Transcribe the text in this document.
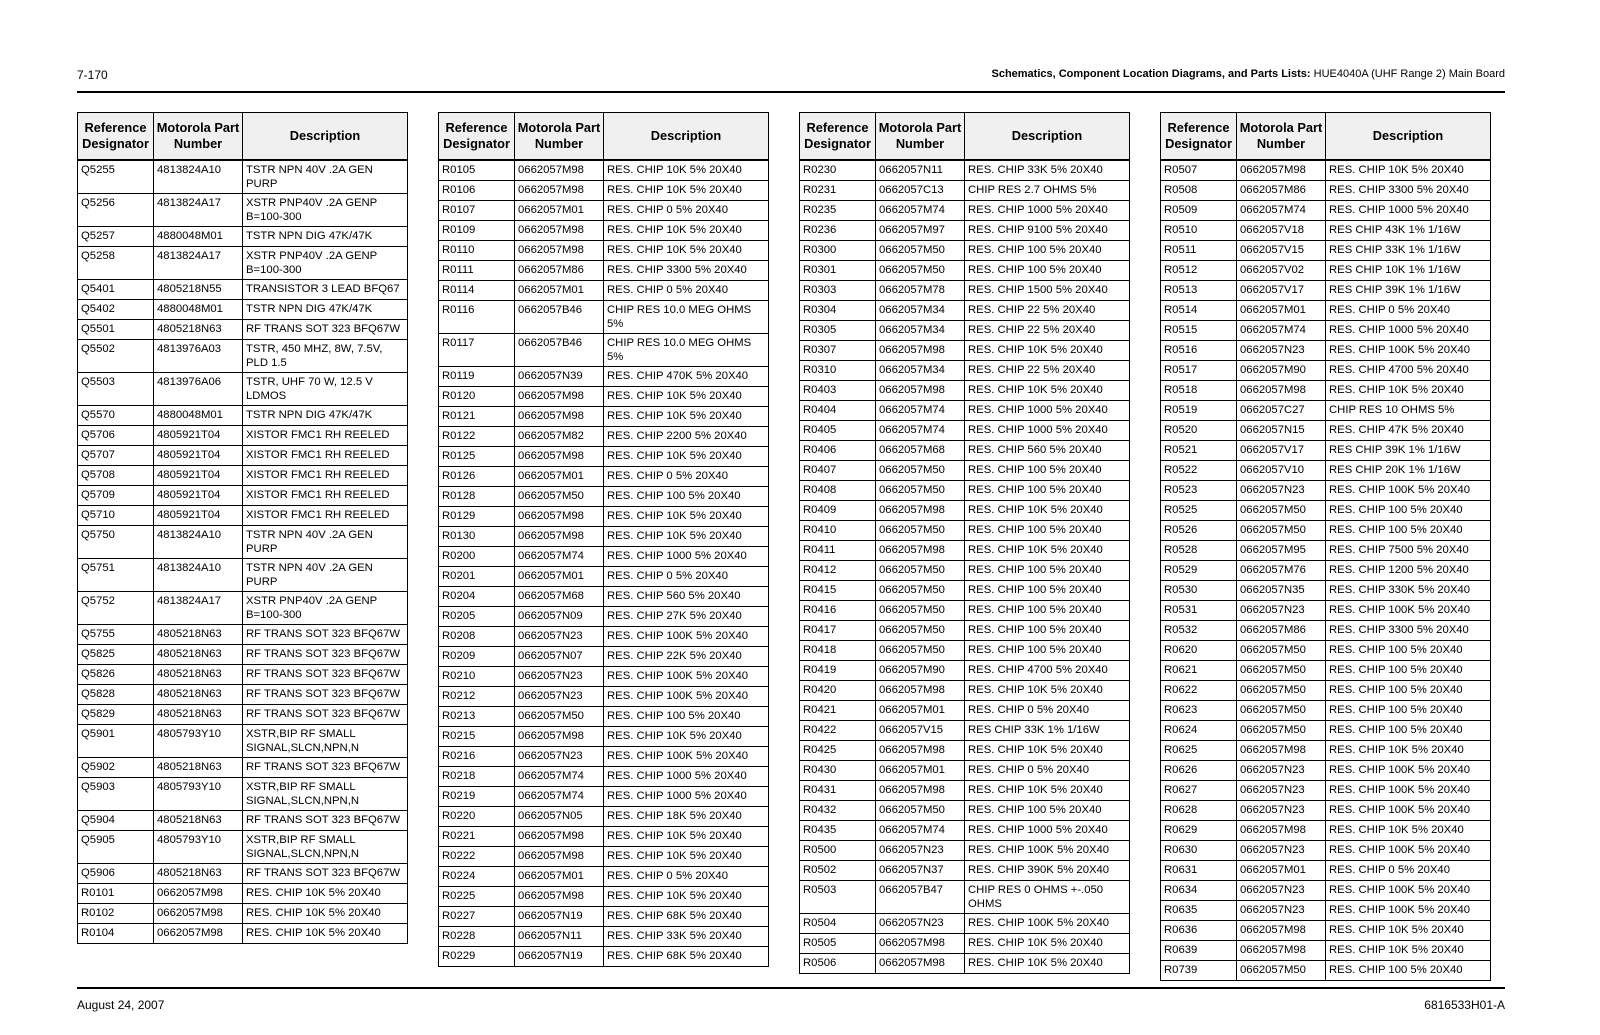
7-170	Schematics, Component Location Diagrams, and Parts Lists: HUE4040A (UHF Range 2) Main Board
Reference Designator	Motorola Part Number	Description
Q5255	4813824A10	TSTR NPN 40V .2A GEN PURP
Q5256	4813824A17	XSTR PNP40V .2A GENP B=100-300
Q5257	4880048M01	TSTR NPN DIG 47K/47K
Q5258	4813824A17	XSTR PNP40V .2A GENP B=100-300
Q5401	4805218N55	TRANSISTOR 3 LEAD BFQ67
Q5402	4880048M01	TSTR NPN DIG 47K/47K
Q5501	4805218N63	RF TRANS SOT 323 BFQ67W
Q5502	4813976A03	TSTR, 450 MHZ, 8W, 7.5V, PLD 1.5
Q5503	4813976A06	TSTR, UHF 70 W, 12.5 V LDMOS
Q5570	4880048M01	TSTR NPN DIG 47K/47K
Q5706	4805921T04	XISTOR FMC1 RH REELED
Q5707	4805921T04	XISTOR FMC1 RH REELED
Q5708	4805921T04	XISTOR FMC1 RH REELED
Q5709	4805921T04	XISTOR FMC1 RH REELED
Q5710	4805921T04	XISTOR FMC1 RH REELED
Q5750	4813824A10	TSTR NPN 40V .2A GEN PURP
Q5751	4813824A10	TSTR NPN 40V .2A GEN PURP
Q5752	4813824A17	XSTR PNP40V .2A GENP B=100-300
Q5755	4805218N63	RF TRANS SOT 323 BFQ67W
Q5825	4805218N63	RF TRANS SOT 323 BFQ67W
Q5826	4805218N63	RF TRANS SOT 323 BFQ67W
Q5828	4805218N63	RF TRANS SOT 323 BFQ67W
Q5829	4805218N63	RF TRANS SOT 323 BFQ67W
Q5901	4805793Y10	XSTR,BIP RF SMALL SIGNAL,SLCN,NPN,N
Q5902	4805218N63	RF TRANS SOT 323 BFQ67W
Q5903	4805793Y10	XSTR,BIP RF SMALL SIGNAL,SLCN,NPN,N
Q5904	4805218N63	RF TRANS SOT 323 BFQ67W
Q5905	4805793Y10	XSTR,BIP RF SMALL SIGNAL,SLCN,NPN,N
Q5906	4805218N63	RF TRANS SOT 323 BFQ67W
R0101	0662057M98	RES. CHIP 10K 5% 20X40
R0102	0662057M98	RES. CHIP 10K 5% 20X40
R0104	0662057M98	RES. CHIP 10K 5% 20X40
Reference Designator	Motorola Part Number	Description
R0105	0662057M98	RES. CHIP 10K 5% 20X40
R0106	0662057M98	RES. CHIP 10K 5% 20X40
R0107	0662057M01	RES. CHIP 0 5% 20X40
R0109	0662057M98	RES. CHIP 10K 5% 20X40
R0110	0662057M98	RES. CHIP 10K 5% 20X40
R0111	0662057M86	RES. CHIP 3300 5% 20X40
R0114	0662057M01	RES. CHIP 0 5% 20X40
R0116	0662057B46	CHIP RES 10.0 MEG OHMS 5%
R0117	0662057B46	CHIP RES 10.0 MEG OHMS 5%
R0119	0662057N39	RES. CHIP 470K 5% 20X40
R0120	0662057M98	RES. CHIP 10K 5% 20X40
R0121	0662057M98	RES. CHIP 10K 5% 20X40
R0122	0662057M82	RES. CHIP 2200 5% 20X40
R0125	0662057M98	RES. CHIP 10K 5% 20X40
R0126	0662057M01	RES. CHIP 0 5% 20X40
R0128	0662057M50	RES. CHIP 100 5% 20X40
R0129	0662057M98	RES. CHIP 10K 5% 20X40
R0130	0662057M98	RES. CHIP 10K 5% 20X40
R0200	0662057M74	RES. CHIP 1000 5% 20X40
R0201	0662057M01	RES. CHIP 0 5% 20X40
R0204	0662057M68	RES. CHIP 560 5% 20X40
R0205	0662057N09	RES. CHIP 27K 5% 20X40
R0208	0662057N23	RES. CHIP 100K 5% 20X40
R0209	0662057N07	RES. CHIP 22K 5% 20X40
R0210	0662057N23	RES. CHIP 100K 5% 20X40
R0212	0662057N23	RES. CHIP 100K 5% 20X40
R0213	0662057M50	RES. CHIP 100 5% 20X40
R0215	0662057M98	RES. CHIP 10K 5% 20X40
R0216	0662057N23	RES. CHIP 100K 5% 20X40
R0218	0662057M74	RES. CHIP 1000 5% 20X40
R0219	0662057M74	RES. CHIP 1000 5% 20X40
R0220	0662057N05	RES. CHIP 18K 5% 20X40
R0221	0662057M98	RES. CHIP 10K 5% 20X40
R0222	0662057M98	RES. CHIP 10K 5% 20X40
R0224	0662057M01	RES. CHIP 0 5% 20X40
R0225	0662057M98	RES. CHIP 10K 5% 20X40
R0227	0662057N19	RES. CHIP 68K 5% 20X40
R0228	0662057N11	RES. CHIP 33K 5% 20X40
R0229	0662057N19	RES. CHIP 68K 5% 20X40
Reference Designator	Motorola Part Number	Description
R0230	0662057N11	RES. CHIP 33K 5% 20X40
R0231	0662057C13	CHIP RES 2.7 OHMS 5%
R0235	0662057M74	RES. CHIP 1000 5% 20X40
R0236	0662057M97	RES. CHIP 9100 5% 20X40
R0300	0662057M50	RES. CHIP 100 5% 20X40
R0301	0662057M50	RES. CHIP 100 5% 20X40
R0303	0662057M78	RES. CHIP 1500 5% 20X40
R0304	0662057M34	RES. CHIP 22 5% 20X40
R0305	0662057M34	RES. CHIP 22 5% 20X40
R0307	0662057M98	RES. CHIP 10K 5% 20X40
R0310	0662057M34	RES. CHIP 22 5% 20X40
R0403	0662057M98	RES. CHIP 10K 5% 20X40
R0404	0662057M74	RES. CHIP 1000 5% 20X40
R0405	0662057M74	RES. CHIP 1000 5% 20X40
R0406	0662057M68	RES. CHIP 560 5% 20X40
R0407	0662057M50	RES. CHIP 100 5% 20X40
R0408	0662057M50	RES. CHIP 100 5% 20X40
R0409	0662057M98	RES. CHIP 10K 5% 20X40
R0410	0662057M50	RES. CHIP 100 5% 20X40
R0411	0662057M98	RES. CHIP 10K 5% 20X40
R0412	0662057M50	RES. CHIP 100 5% 20X40
R0415	0662057M50	RES. CHIP 100 5% 20X40
R0416	0662057M50	RES. CHIP 100 5% 20X40
R0417	0662057M50	RES. CHIP 100 5% 20X40
R0418	0662057M50	RES. CHIP 100 5% 20X40
R0419	0662057M90	RES. CHIP 4700 5% 20X40
R0420	0662057M98	RES. CHIP 10K 5% 20X40
R0421	0662057M01	RES. CHIP 0 5% 20X40
R0422	0662057V15	RES CHIP 33K 1% 1/16W
R0425	0662057M98	RES. CHIP 10K 5% 20X40
R0430	0662057M01	RES. CHIP 0 5% 20X40
R0431	0662057M98	RES. CHIP 10K 5% 20X40
R0432	0662057M50	RES. CHIP 100 5% 20X40
R0435	0662057M74	RES. CHIP 1000 5% 20X40
R0500	0662057N23	RES. CHIP 100K 5% 20X40
R0502	0662057N37	RES. CHIP 390K 5% 20X40
R0503	0662057B47	CHIP RES 0 OHMS +-.050 OHMS
R0504	0662057N23	RES. CHIP 100K 5% 20X40
R0505	0662057M98	RES. CHIP 10K 5% 20X40
R0506	0662057M98	RES. CHIP 10K 5% 20X40
Reference Designator	Motorola Part Number	Description
R0507	0662057M98	RES. CHIP 10K 5% 20X40
R0508	0662057M86	RES. CHIP 3300 5% 20X40
R0509	0662057M74	RES. CHIP 1000 5% 20X40
R0510	0662057V18	RES CHIP 43K 1% 1/16W
R0511	0662057V15	RES CHIP 33K 1% 1/16W
R0512	0662057V02	RES CHIP 10K 1% 1/16W
R0513	0662057V17	RES CHIP 39K 1% 1/16W
R0514	0662057M01	RES. CHIP 0 5% 20X40
R0515	0662057M74	RES. CHIP 1000 5% 20X40
R0516	0662057N23	RES. CHIP 100K 5% 20X40
R0517	0662057M90	RES. CHIP 4700 5% 20X40
R0518	0662057M98	RES. CHIP 10K 5% 20X40
R0519	0662057C27	CHIP RES 10 OHMS 5%
R0520	0662057N15	RES. CHIP 47K 5% 20X40
R0521	0662057V17	RES CHIP 39K 1% 1/16W
R0522	0662057V10	RES CHIP 20K 1% 1/16W
R0523	0662057N23	RES. CHIP 100K 5% 20X40
R0525	0662057M50	RES. CHIP 100 5% 20X40
R0526	0662057M50	RES. CHIP 100 5% 20X40
R0528	0662057M95	RES. CHIP 7500 5% 20X40
R0529	0662057M76	RES. CHIP 1200 5% 20X40
R0530	0662057N35	RES. CHIP 330K 5% 20X40
R0531	0662057N23	RES. CHIP 100K 5% 20X40
R0532	0662057M86	RES. CHIP 3300 5% 20X40
R0620	0662057M50	RES. CHIP 100 5% 20X40
R0621	0662057M50	RES. CHIP 100 5% 20X40
R0622	0662057M50	RES. CHIP 100 5% 20X40
R0623	0662057M50	RES. CHIP 100 5% 20X40
R0624	0662057M50	RES. CHIP 100 5% 20X40
R0625	0662057M98	RES. CHIP 10K 5% 20X40
R0626	0662057N23	RES. CHIP 100K 5% 20X40
R0627	0662057N23	RES. CHIP 100K 5% 20X40
R0628	0662057N23	RES. CHIP 100K 5% 20X40
R0629	0662057M98	RES. CHIP 10K 5% 20X40
R0630	0662057N23	RES. CHIP 100K 5% 20X40
R0631	0662057M01	RES. CHIP 0 5% 20X40
R0634	0662057N23	RES. CHIP 100K 5% 20X40
R0635	0662057N23	RES. CHIP 100K 5% 20X40
R0636	0662057M98	RES. CHIP 10K 5% 20X40
R0639	0662057M98	RES. CHIP 10K 5% 20X40
R0739	0662057M50	RES. CHIP 100 5% 20X40
August 24, 2007	6816533H01-A
